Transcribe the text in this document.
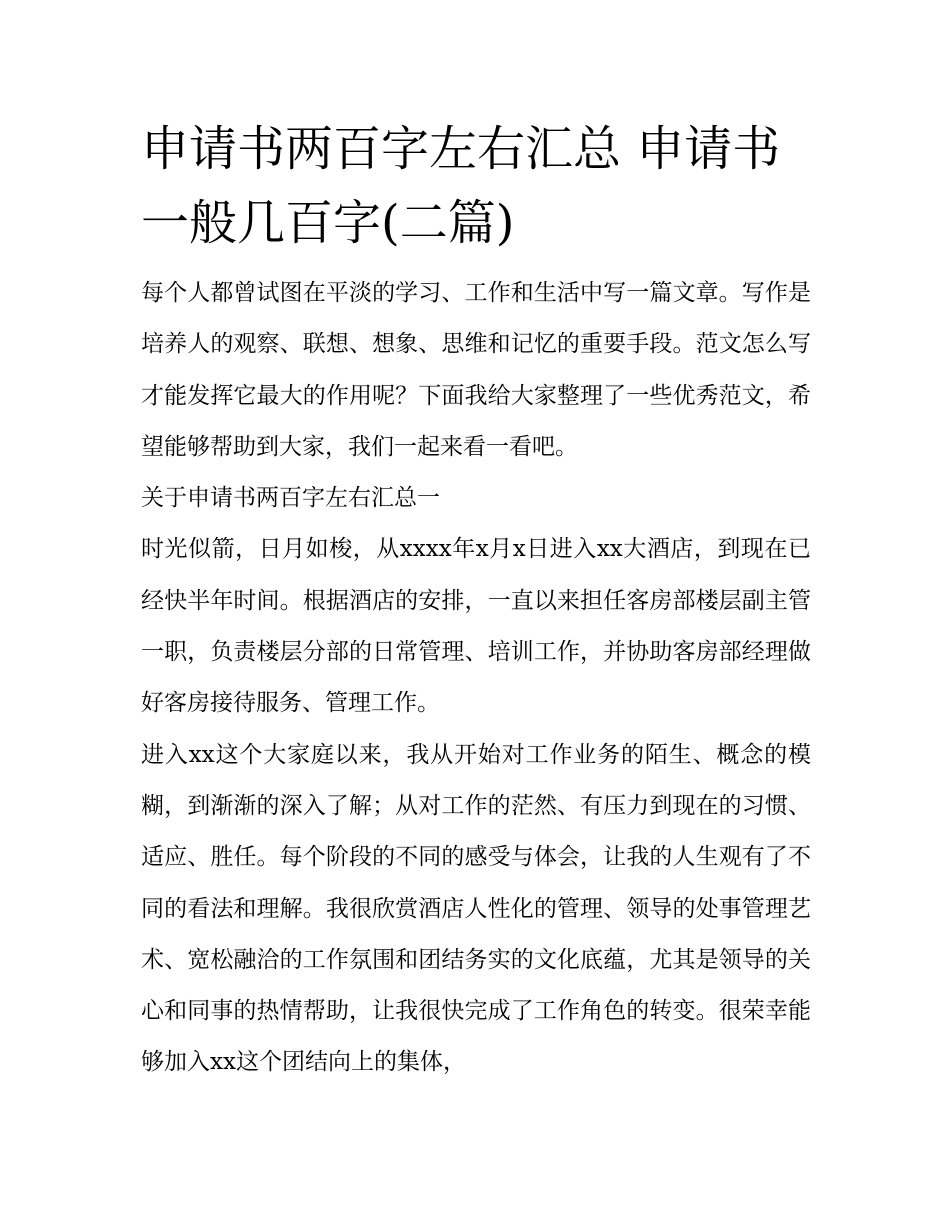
申请书两百字左右汇总 申请书一般几百字(二篇)

每个人都曾试图在平淡的学习、工作和生活中写一篇文章。写作是培养人的观察、联想、想象、思维和记忆的重要手段。范文怎么写才能发挥它最大的作用呢？下面我给大家整理了一些优秀范文，希望能够帮助到大家，我们一起来看一看吧。

关于申请书两百字左右汇总一

时光似箭，日月如梭，从xxxx年x月x日进入xx大酒店，到现在已经快半年时间。根据酒店的安排，一直以来担任客房部楼层副主管一职，负责楼层分部的日常管理、培训工作，并协助客房部经理做好客房接待服务、管理工作。

进入xx这个大家庭以来，我从开始对工作业务的陌生、概念的模糊，到渐渐的深入了解；从对工作的茫然、有压力到现在的习惯、适应、胜任。每个阶段的不同的感受与体会，让我的人生观有了不同的看法和理解。我很欣赏酒店人性化的管理、领导的处事管理艺术、宽松融洽的工作氛围和团结务实的文化底蕴，尤其是领导的关心和同事的热情帮助，让我很快完成了工作角色的转变。很荣幸能够加入xx这个团结向上的集体，
